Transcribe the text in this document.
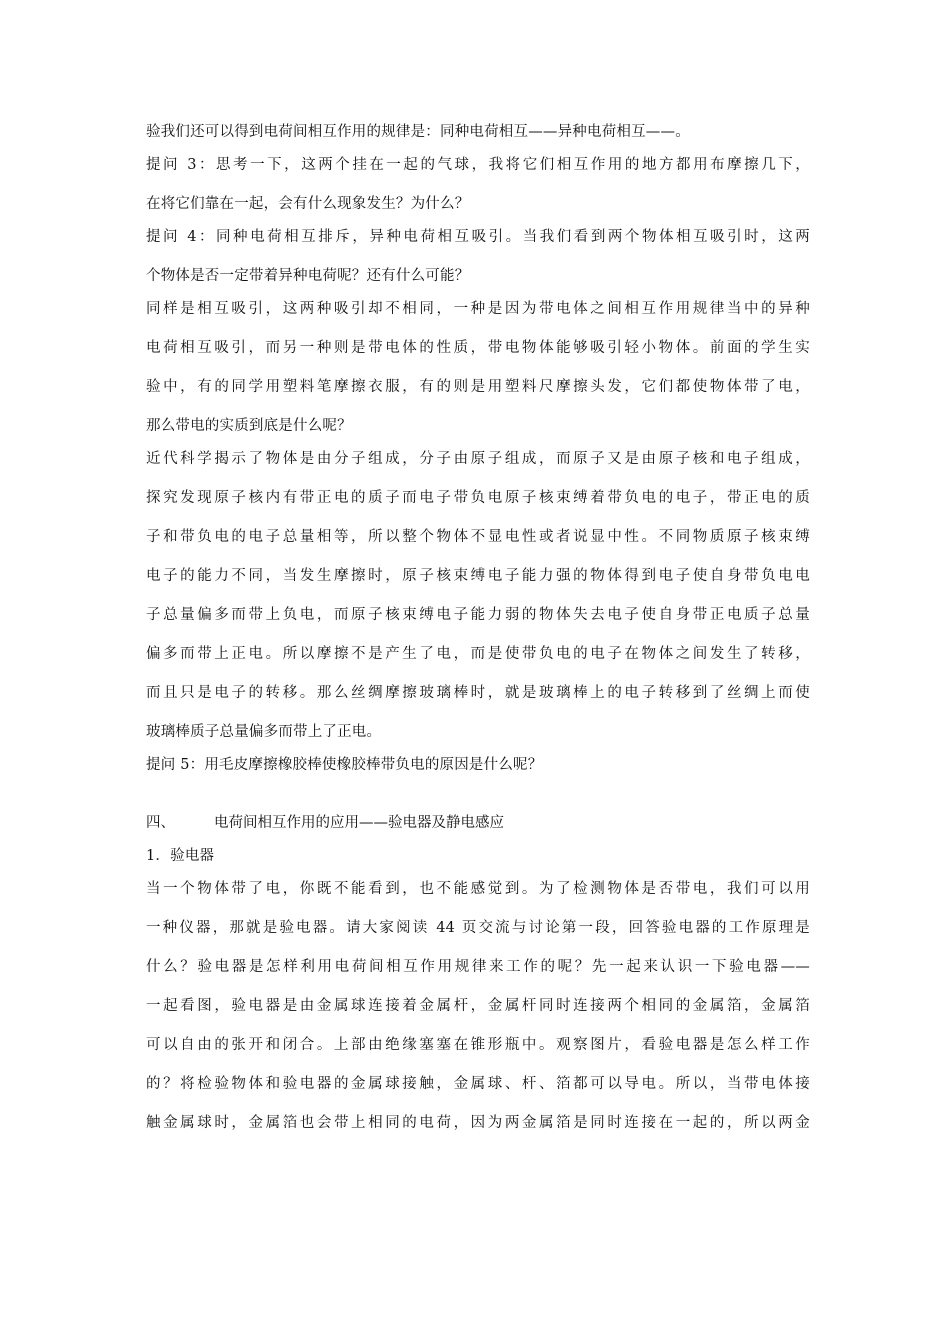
验我们还可以得到电荷间相互作用的规律是：同种电荷相互——异种电荷相互——。
提问 3：思考一下，这两个挂在一起的气球，我将它们相互作用的地方都用布摩擦几下，
在将它们靠在一起，会有什么现象发生？为什么？
提问 4：同种电荷相互排斥，异种电荷相互吸引。当我们看到两个物体相互吸引时，这两
个物体是否一定带着异种电荷呢？还有什么可能？
同样是相互吸引，这两种吸引却不相同，一种是因为带电体之间相互作用规律当中的异种
电荷相互吸引，而另一种则是带电体的性质，带电物体能够吸引轻小物体。前面的学生实
验中，有的同学用塑料笔摩擦衣服，有的则是用塑料尺摩擦头发，它们都使物体带了电，
那么带电的实质到底是什么呢？
近代科学揭示了物体是由分子组成，分子由原子组成，而原子又是由原子核和电子组成，
探究发现原子核内有带正电的质子而电子带负电原子核束缚着带负电的电子，带正电的质
子和带负电的电子总量相等，所以整个物体不显电性或者说显中性。不同物质原子核束缚
电子的能力不同，当发生摩擦时，原子核束缚电子能力强的物体得到电子使自身带负电电
子总量偏多而带上负电，而原子核束缚电子能力弱的物体失去电子使自身带正电质子总量
偏多而带上正电。所以摩擦不是产生了电，而是使带负电的电子在物体之间发生了转移，
而且只是电子的转移。那么丝绸摩擦玻璃棒时，就是玻璃棒上的电子转移到了丝绸上而使
玻璃棒质子总量偏多而带上了正电。
提问 5：用毛皮摩擦橡胶棒使橡胶棒带负电的原因是什么呢？
四、	电荷间相互作用的应用——验电器及静电感应
1．验电器
当一个物体带了电，你既不能看到，也不能感觉到。为了检测物体是否带电，我们可以用
一种仪器，那就是验电器。请大家阅读 44 页交流与讨论第一段，回答验电器的工作原理是
什么？验电器是怎样利用电荷间相互作用规律来工作的呢？先一起来认识一下验电器——
一起看图，验电器是由金属球连接着金属杆，金属杆同时连接两个相同的金属箔，金属箔
可以自由的张开和闭合。上部由绝缘塞塞在锥形瓶中。观察图片，看验电器是怎么样工作
的？将检验物体和验电器的金属球接触，金属球、杆、箔都可以导电。所以，当带电体接
触金属球时，金属箔也会带上相同的电荷，因为两金属箔是同时连接在一起的，所以两金
